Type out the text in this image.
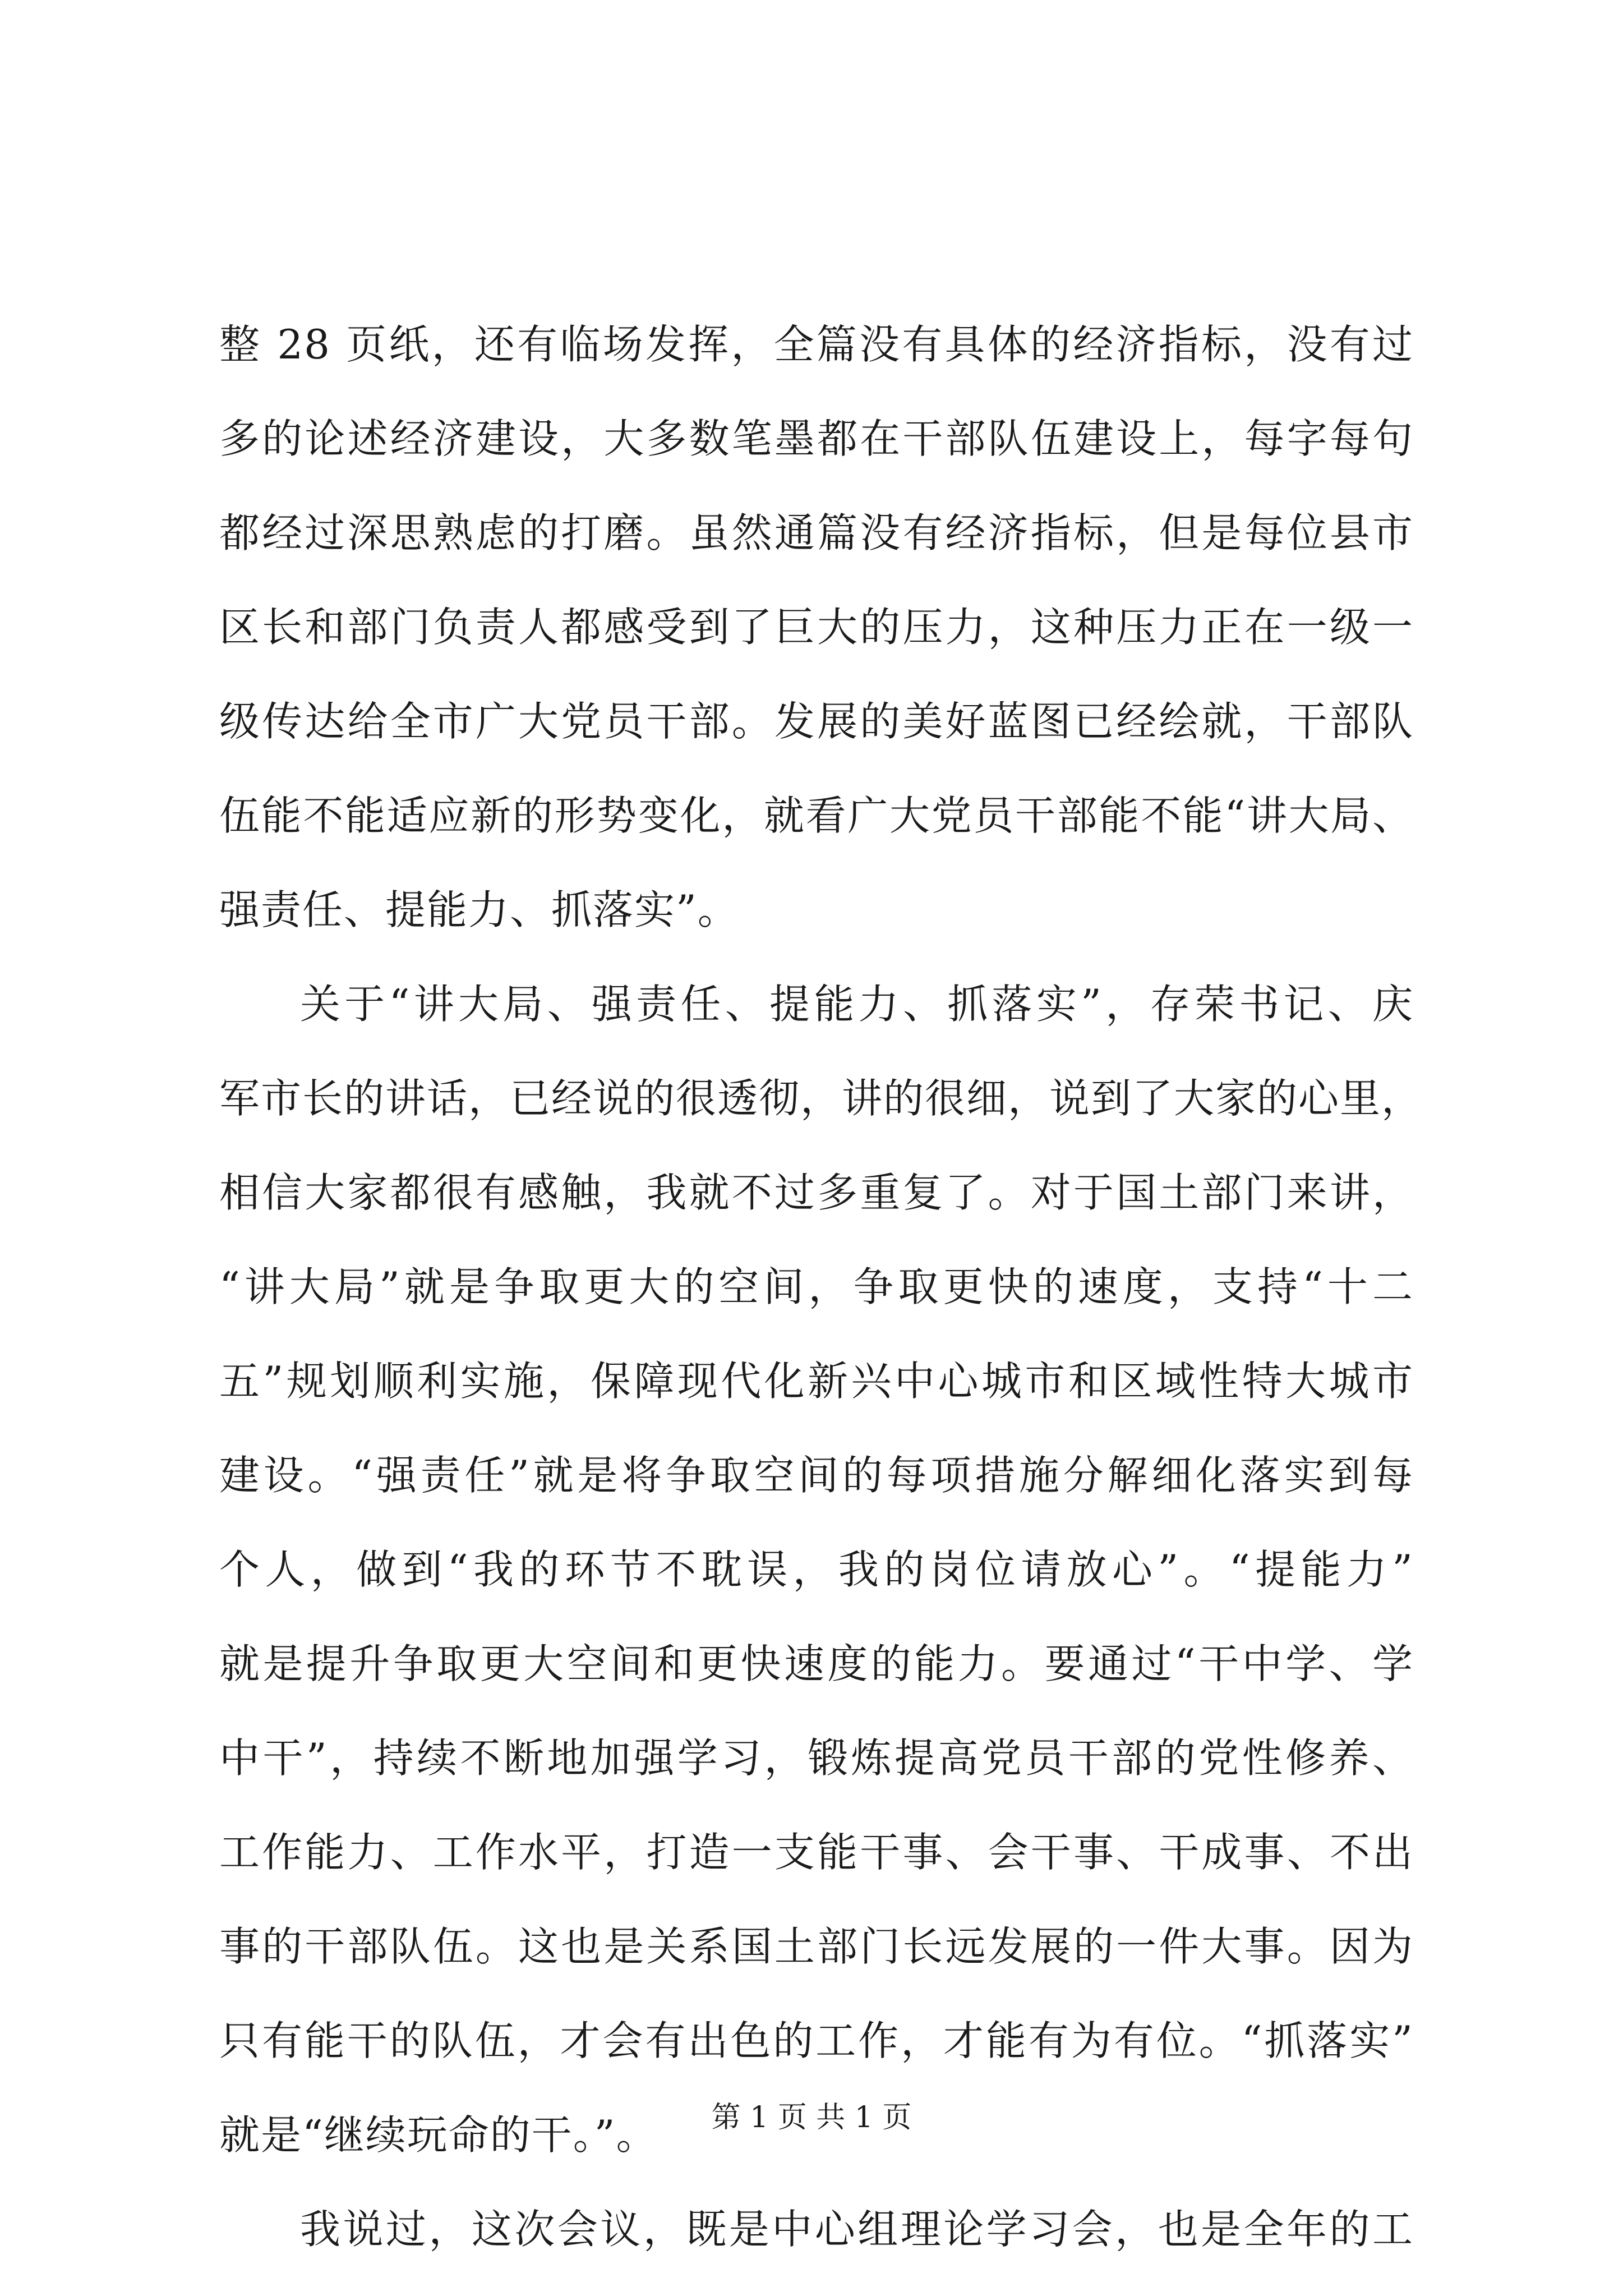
整 28 页纸，还有临场发挥，全篇没有具体的经济指标，没有过
多的论述经济建设，大多数笔墨都在干部队伍建设上，每字每句
都经过深思熟虑的打磨。虽然通篇没有经济指标，但是每位县市
区长和部门负责人都感受到了巨大的压力，这种压力正在一级一
级传达给全市广大党员干部。发展的美好蓝图已经绘就，干部队
伍能不能适应新的形势变化，就看广大党员干部能不能“讲大局、
强责任、提能力、抓落实”。
关于“讲大局、强责任、提能力、抓落实”，存荣书记、庆
军市长的讲话，已经说的很透彻，讲的很细，说到了大家的心里，
相信大家都很有感触，我就不过多重复了。对于国土部门来讲，
“讲大局”就是争取更大的空间，争取更快的速度，支持“十二
五”规划顺利实施，保障现代化新兴中心城市和区域性特大城市
建设。“强责任”就是将争取空间的每项措施分解细化落实到每
个人，做到“我的环节不耽误，我的岗位请放心”。“提能力”
就是提升争取更大空间和更快速度的能力。要通过“干中学、学
中干”，持续不断地加强学习，锻炼提高党员干部的党性修养、
工作能力、工作水平，打造一支能干事、会干事、干成事、不出
事的干部队伍。这也是关系国土部门长远发展的一件大事。因为
只有能干的队伍，才会有出色的工作，才能有为有位。“抓落实”
就是“继续玩命的干。”。
我说过，这次会议，既是中心组理论学习会，也是全年的工
第 1 页 共 1 页
